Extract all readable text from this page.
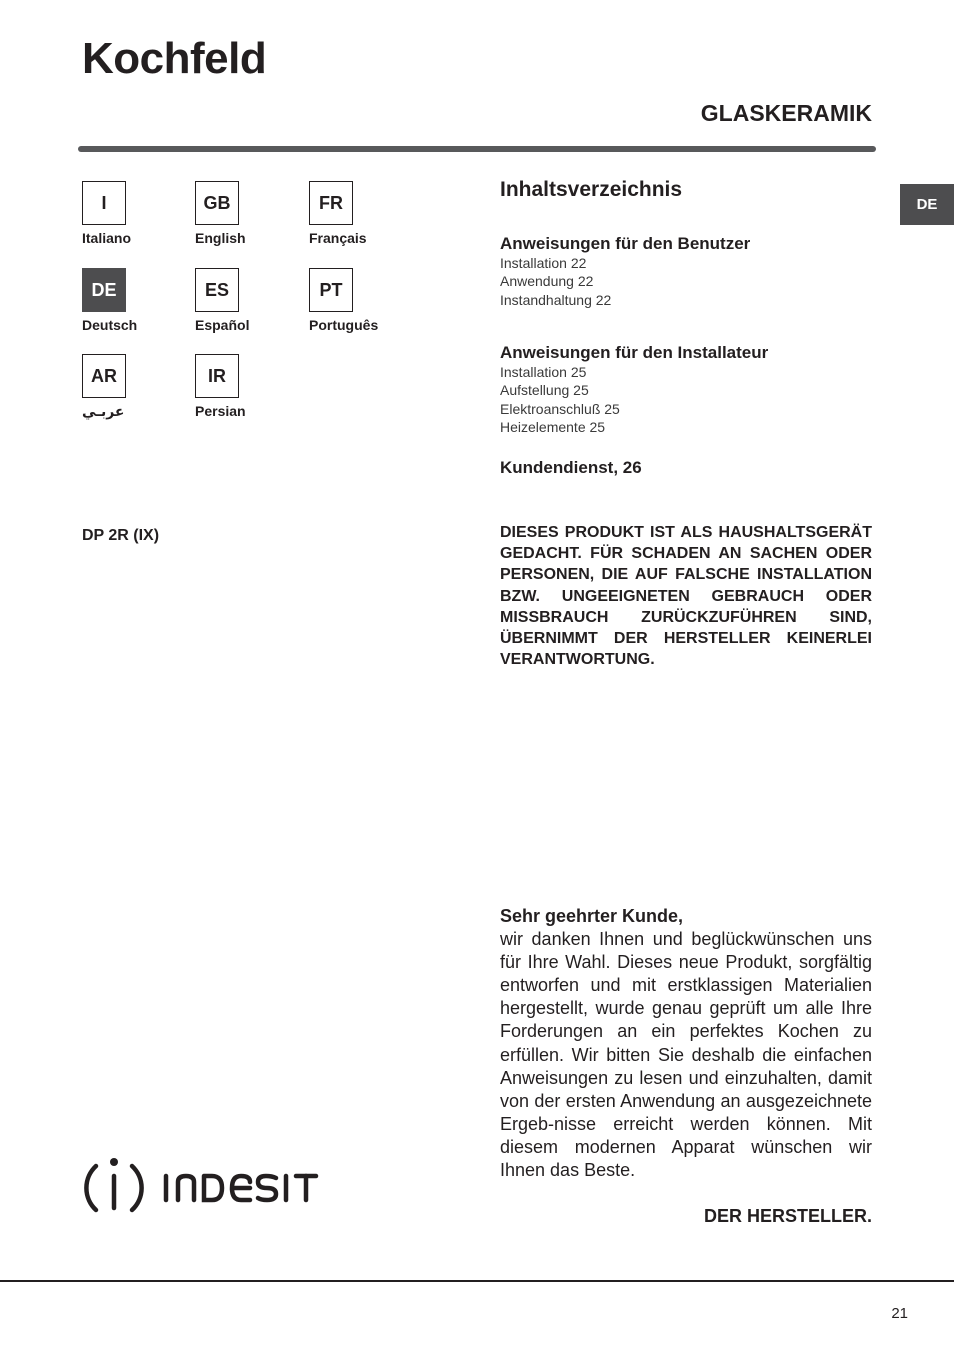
Kochfeld
GLASKERAMIK
DE
I
Italiano
GB
English
FR
Français
DE
Deutsch
ES
Español
PT
Português
AR
عربـي
IR
Persian
DP 2R (IX)
Inhaltsverzeichnis
Anweisungen für den Benutzer
Installation 22
Anwendung 22
Instandhaltung 22
Anweisungen für den Installateur
Installation 25
Aufstellung 25
Elektroanschluß 25
Heizelemente 25
Kundendienst, 26
DIESES PRODUKT IST ALS HAUSHALTSGERÄT GEDACHT. FÜR SCHADEN AN SACHEN ODER PERSONEN, DIE AUF FALSCHE INSTALLATION BZW. UNGEEIGNETEN GEBRAUCH ODER MISSBRAUCH ZURÜCKZUFÜHREN SIND, ÜBERNIMMT DER HERSTELLER KEINERLEI VERANTWORTUNG.
Sehr geehrter Kunde,
wir danken Ihnen und beglückwünschen uns für Ihre Wahl. Dieses neue Produkt, sorgfältig entworfen und mit erstklassigen Materialien hergestellt, wurde genau geprüft um alle Ihre Forderungen an ein perfektes Kochen zu erfüllen. Wir bitten Sie deshalb die einfachen Anweisungen zu lesen und einzuhalten, damit von der ersten Anwendung an ausgezeichnete Ergeb-nisse erreicht werden können. Mit diesem modernen Apparat wünschen wir Ihnen das Beste.
DER HERSTELLER.
21
